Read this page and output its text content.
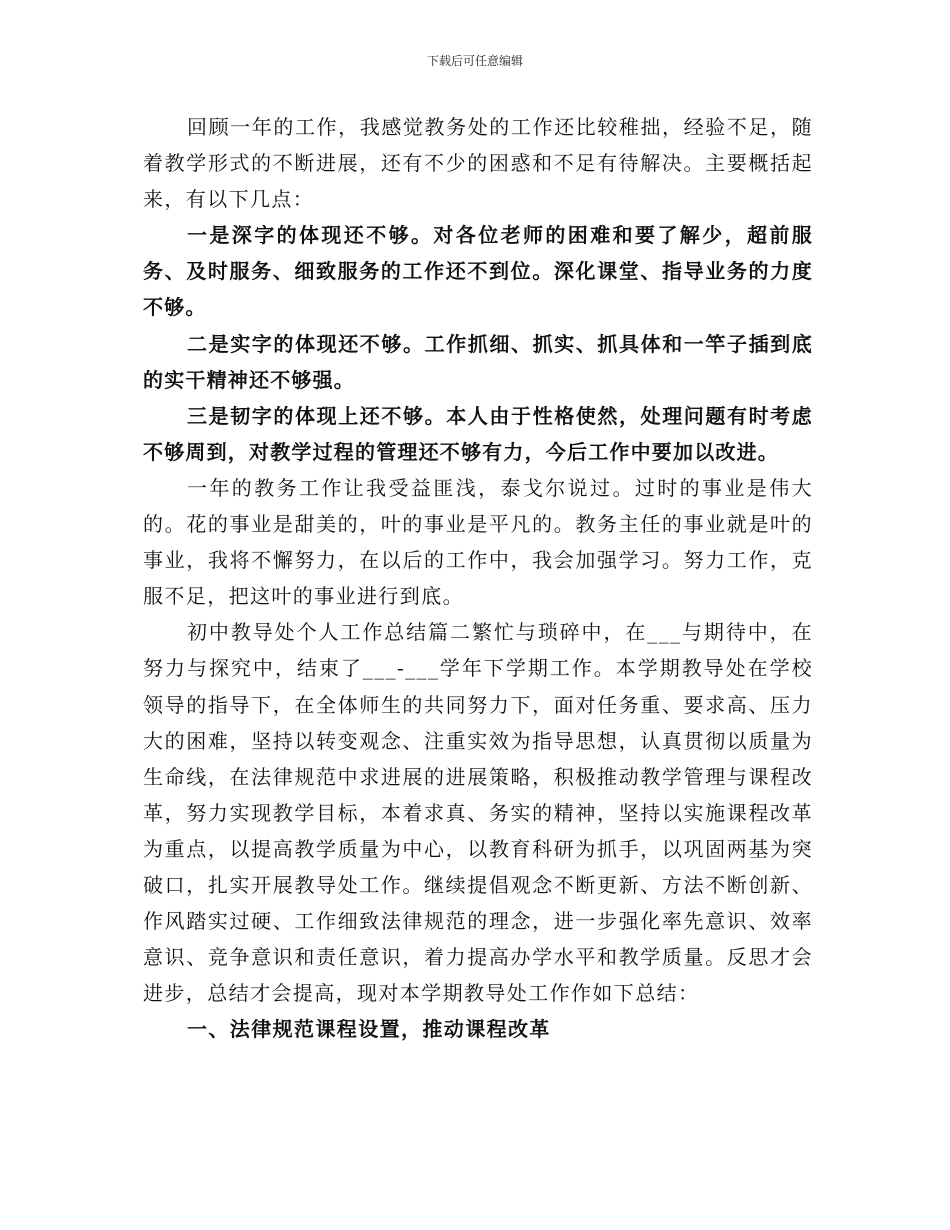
下载后可任意编辑

回顾一年的工作，我感觉教务处的工作还比较稚拙，经验不足，随着教学形式的不断进展，还有不少的困惑和不足有待解决。主要概括起来，有以下几点：

一是深字的体现还不够。对各位老师的困难和要了解少，超前服务、及时服务、细致服务的工作还不到位。深化课堂、指导业务的力度不够。

二是实字的体现还不够。工作抓细、抓实、抓具体和一竿子插到底的实干精神还不够强。

三是韧字的体现上还不够。本人由于性格使然，处理问题有时考虑不够周到，对教学过程的管理还不够有力，今后工作中要加以改进。

一年的教务工作让我受益匪浅，泰戈尔说过。过时的事业是伟大的。花的事业是甜美的，叶的事业是平凡的。教务主任的事业就是叶的事业，我将不懈努力，在以后的工作中，我会加强学习。努力工作，克服不足，把这叶的事业进行到底。

初中教导处个人工作总结篇二繁忙与琐碎中，在___与期待中，在努力与探究中，结束了___-___学年下学期工作。本学期教导处在学校领导的指导下，在全体师生的共同努力下，面对任务重、要求高、压力大的困难，坚持以转变观念、注重实效为指导思想，认真贯彻以质量为生命线，在法律规范中求进展的进展策略，积极推动教学管理与课程改革，努力实现教学目标，本着求真、务实的精神，坚持以实施课程改革为重点，以提高教学质量为中心，以教育科研为抓手，以巩固两基为突破口，扎实开展教导处工作。继续提倡观念不断更新、方法不断创新、作风踏实过硬、工作细致法律规范的理念，进一步强化率先意识、效率意识、竞争意识和责任意识，着力提高办学水平和教学质量。反思才会进步，总结才会提高，现对本学期教导处工作作如下总结：

一、法律规范课程设置，推动课程改革
